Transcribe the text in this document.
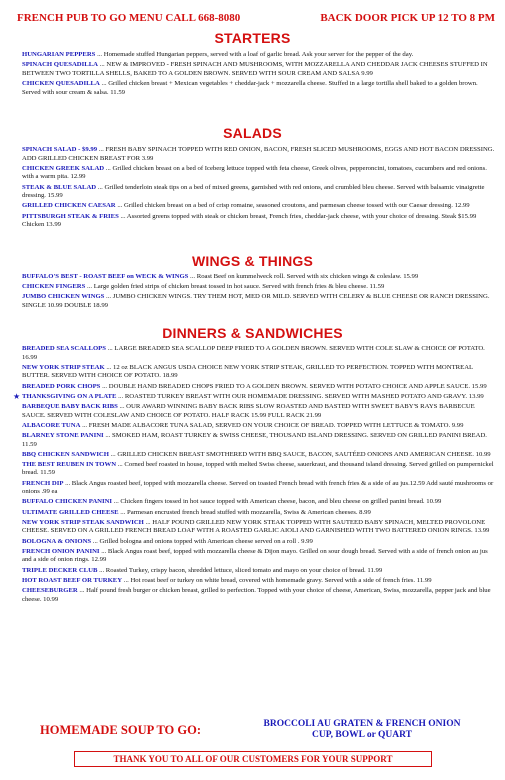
FRENCH PUB TO GO MENU CALL 668-8080	BACK DOOR PICK UP 12 TO 8 PM
STARTERS
HUNGARIAN PEPPERS ... Homemade stuffed Hungarian peppers, served with a loaf of garlic bread. Ask your server for the pepper of the day.
SPINACH QUESADILLA ... NEW & IMPROVED - FRESH SPINACH AND MUSHROOMS, WITH MOZZARELLA AND CHEDDAR JACK CHEESES STUFFED IN BETWEEN TWO TORTILLA SHELLS, BAKED TO A GOLDEN BROWN. SERVED WITH SOUR CREAM AND SALSA 9.99
CHICKEN QUESADILLA ... Grilled chicken breast + Mexican vegetables + cheddar-jack + mozzarella cheese. Stuffed in a large tortilla shell baked to a golden brown. Served with sour cream & salsa. 11.59
SALADS
SPINACH SALAD - $9.99 ... FRESH BABY SPINACH TOPPED WITH RED ONION, BACON, FRESH SLICED MUSHROOMS, EGGS AND HOT BACON DRESSING. ADD GRILLED CHICKEN BREAST FOR 3.99
CHICKEN GREEK SALAD ... Grilled chicken breast on a bed of Iceberg lettuce topped with feta cheese, Greek olives, pepperoncini, tomatoes, cucumbers and red onions. with a warm pita. 12.99
STEAK & BLUE SALAD ... Grilled tenderloin steak tips on a bed of mixed greens, garnished with red onions, and crumbled bleu cheese. Served with balsamic vinaigrette dressing. 15.99
GRILLED CHICKEN CAESAR ... Grilled chicken breast on a bed of crisp romaine, seasoned croutons, and parmesan cheese tossed with our Caesar dressing. 12.99
PITTSBURGH STEAK & FRIES ... Assorted greens topped with steak or chicken breast, French fries, cheddar-jack cheese, with your choice of dressing. Steak $15.99 Chicken 13.99
WINGS & THINGS
BUFFALO'S BEST - ROAST BEEF on WECK & WINGS ... Roast Beef on kummelweck roll. Served with six chicken wings & coleslaw. 15.99
CHICKEN FINGERS ... Large golden fried strips of chicken breast tossed in hot sauce. Served with french fries & bleu cheese. 11.59
JUMBO CHICKEN WINGS ... JUMBO CHICKEN WINGS. TRY THEM HOT, MED OR MILD. SERVED WITH CELERY & BLUE CHEESE OR RANCH DRESSING. SINGLE 10.99 DOUBLE 18.99
DINNERS & SANDWICHES
BREADED SEA SCALLOPS ... LARGE BREADED SEA SCALLOP DEEP FRIED TO A GOLDEN BROWN. SERVED WITH COLE SLAW & CHOICE OF POTATO. 16.99
NEW YORK STRIP STEAK ... 12 oz BLACK ANGUS USDA CHOICE NEW YORK STRIP STEAK, GRILLED TO PERFECTION. TOPPED WITH MONTREAL BUTTER. SERVED WITH CHOICE OF POTATO. 18.99
BREADED PORK CHOPS ... DOUBLE HAND BREADED CHOPS FRIED TO A GOLDEN BROWN. SERVED WITH POTATO CHOICE AND APPLE SAUCE. 15.99
★ THANKSGIVING ON A PLATE ... ROASTED TURKEY BREAST WITH OUR HOMEMADE DRESSING. SERVED WITH MASHED POTATO AND GRAVY. 13.99
BARBEQUE BABY BACK RIBS ... OUR AWARD WINNING BABY BACK RIBS SLOW ROASTED AND BASTED WITH SWEET BABY'S RAYS BARBECUE SAUCE. SERVED WITH COLESLAW AND CHOICE OF POTATO. HALF RACK 15.99 FULL RACK 21.99
ALBACORE TUNA ... FRESH MADE ALBACORE TUNA SALAD, SERVED ON YOUR CHOICE OF BREAD. TOPPED WITH LETTUCE & TOMATO. 9.99
BLARNEY STONE PANINI ... SMOKED HAM, ROAST TURKEY & SWISS CHEESE, THOUSAND ISLAND DRESSING. SERVED ON GRILLED PANINI BREAD. 11.59
BBQ CHICKEN SANDWICH ... GRILLED CHICKEN BREAST SMOTHERED WITH BBQ SAUCE, BACON, SAUTÉED ONIONS AND AMERICAN CHEESE. 10.99
THE BEST REUBEN IN TOWN ... Corned beef roasted in house, topped with melted Swiss cheese, sauerkraut, and thousand island dressing. Served grilled on pumpernickel bread. 11.59
FRENCH DIP ... Black Angus roasted beef, topped with mozzarella cheese. Served on toasted French bread with french fries & a side of au jus.12.59 Add sauté mushrooms or onions .99 ea
BUFFALO CHICKEN PANINI ... Chicken fingers tossed in hot sauce topped with American cheese, bacon, and bleu cheese on grilled panini bread. 10.99
ULTIMATE GRILLED CHEESE ... Parmesan encrusted french bread stuffed with mozzarella, Swiss & American cheeses. 8.99
NEW YORK STRIP STEAK SANDWICH ... HALF POUND GRILLED NEW YORK STEAK TOPPED WITH SAUTEED BABY SPINACH, MELTED PROVOLONE CHEESE. SERVED ON A GRILLED FRENCH BREAD LOAF WITH A ROASTED GARLIC AIOLI AND GARNISHED WITH TWO BATTERED ONION RINGS. 13.99
BOLOGNA & ONIONS ... Grilled bologna and onions topped with American cheese served on a roll . 9.99
FRENCH ONION PANINI ... Black Angus roast beef, topped with mozzarella cheese & Dijon mayo. Grilled on sour dough bread. Served with a side of french onion au jus and a side of onion rings. 12.99
TRIPLE DECKER CLUB ... Roasted Turkey, crispy bacon, shredded lettuce, sliced tomato and mayo on your choice of bread. 11.99
HOT ROAST BEEF OR TURKEY ... Hot roast beef or turkey on white bread, covered with homemade gravy. Served with a side of french fries. 11.99
CHEESEBURGER ... Half pound fresh burger or chicken breast, grilled to perfection. Topped with your choice of cheese, American, Swiss, mozzarella, pepper jack and blue cheese. 10.99
HOMEMADE SOUP TO GO:	BROCCOLI AU GRATEN & FRENCH ONION
CUP, BOWL or QUART
THANK YOU TO ALL OF OUR CUSTOMERS FOR YOUR SUPPORT
